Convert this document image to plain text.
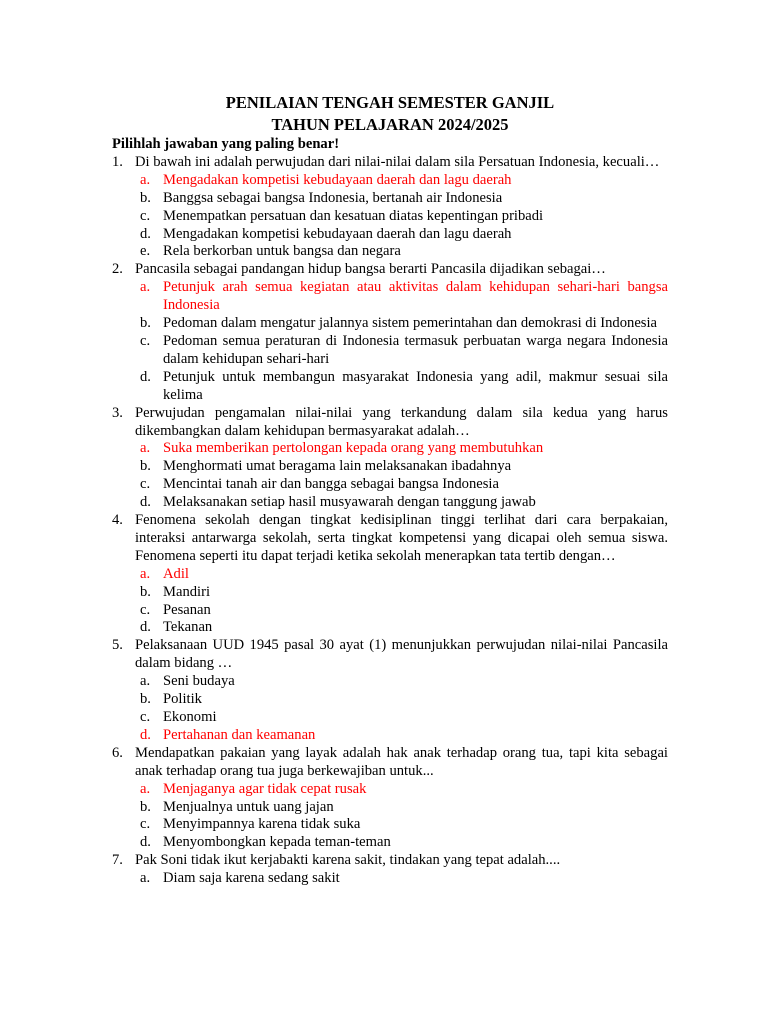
PENILAIAN TENGAH SEMESTER GANJIL
TAHUN PELAJARAN 2024/2025
Pilihlah jawaban yang paling benar!
1. Di bawah ini adalah perwujudan dari nilai-nilai dalam sila Persatuan Indonesia, kecuali…
a. Mengadakan kompetisi kebudayaan daerah dan lagu daerah
b. Banggsa sebagai bangsa Indonesia, bertanah air Indonesia
c. Menempatkan persatuan dan kesatuan diatas kepentingan pribadi
d. Mengadakan kompetisi kebudayaan daerah dan lagu daerah
e. Rela berkorban untuk bangsa dan negara
2. Pancasila sebagai pandangan hidup bangsa berarti Pancasila dijadikan sebagai…
a. Petunjuk arah semua kegiatan atau aktivitas dalam kehidupan sehari-hari bangsa Indonesia
b. Pedoman dalam mengatur jalannya sistem pemerintahan dan demokrasi di Indonesia
c. Pedoman semua peraturan di Indonesia termasuk perbuatan warga negara Indonesia dalam kehidupan sehari-hari
d. Petunjuk untuk membangun masyarakat Indonesia yang adil, makmur sesuai sila kelima
3. Perwujudan pengamalan nilai-nilai yang terkandung dalam sila kedua yang harus dikembangkan dalam kehidupan bermasyarakat adalah…
a. Suka memberikan pertolongan kepada orang yang membutuhkan
b. Menghormati umat beragama lain melaksanakan ibadahnya
c. Mencintai tanah air dan bangga sebagai bangsa Indonesia
d. Melaksanakan setiap hasil musyawarah dengan tanggung jawab
4. Fenomena sekolah dengan tingkat kedisiplinan tinggi terlihat dari cara berpakaian, interaksi antarwarga sekolah, serta tingkat kompetensi yang dicapai oleh semua siswa. Fenomena seperti itu dapat terjadi ketika sekolah menerapkan tata tertib dengan…
a. Adil
b. Mandiri
c. Pesanan
d. Tekanan
5. Pelaksanaan UUD 1945 pasal 30 ayat (1) menunjukkan perwujudan nilai-nilai Pancasila dalam bidang …
a. Seni budaya
b. Politik
c. Ekonomi
d. Pertahanan dan keamanan
6. Mendapatkan pakaian yang layak adalah hak anak terhadap orang tua, tapi kita sebagai anak terhadap orang tua juga berkewajiban untuk...
a. Menjaganya agar tidak cepat rusak
b. Menjualnya untuk uang jajan
c. Menyimpannya karena tidak suka
d. Menyombongkan kepada teman-teman
7. Pak Soni tidak ikut kerjabakti karena sakit, tindakan yang tepat adalah....
a. Diam saja karena sedang sakit
